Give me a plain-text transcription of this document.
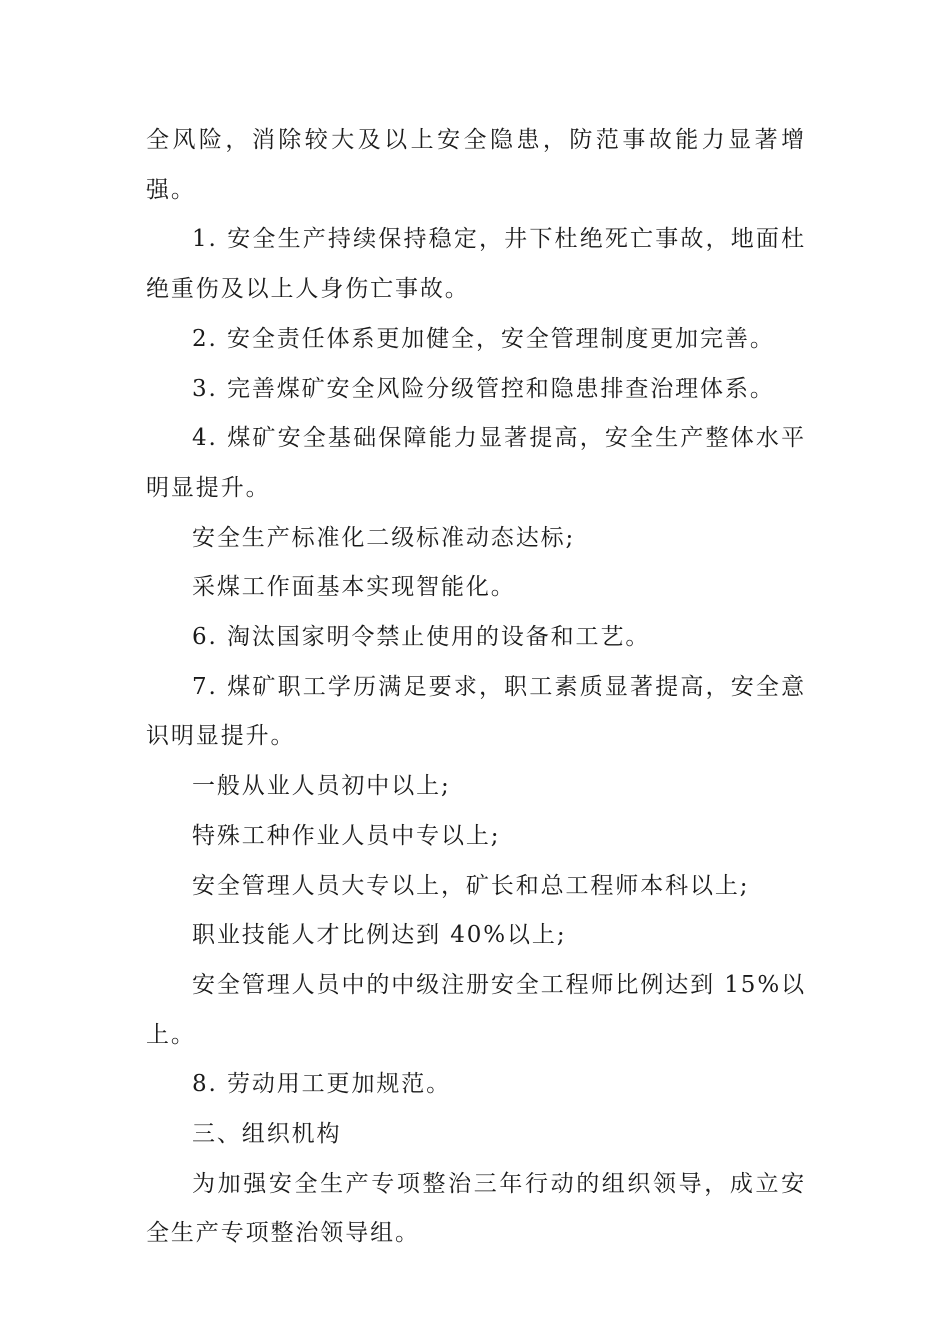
全风险，消除较大及以上安全隐患，防范事故能力显著增强。

1. 安全生产持续保持稳定，井下杜绝死亡事故，地面杜绝重伤及以上人身伤亡事故。

2. 安全责任体系更加健全，安全管理制度更加完善。

3. 完善煤矿安全风险分级管控和隐患排查治理体系。

4. 煤矿安全基础保障能力显著提高，安全生产整体水平明显提升。

安全生产标准化二级标准动态达标;

采煤工作面基本实现智能化。

6. 淘汰国家明令禁止使用的设备和工艺。

7. 煤矿职工学历满足要求，职工素质显著提高，安全意识明显提升。

一般从业人员初中以上;

特殊工种作业人员中专以上;

安全管理人员大专以上，矿长和总工程师本科以上;

职业技能人才比例达到 40%以上;

安全管理人员中的中级注册安全工程师比例达到 15%以上。

8. 劳动用工更加规范。

三、组织机构

为加强安全生产专项整治三年行动的组织领导，成立安全生产专项整治领导组。
